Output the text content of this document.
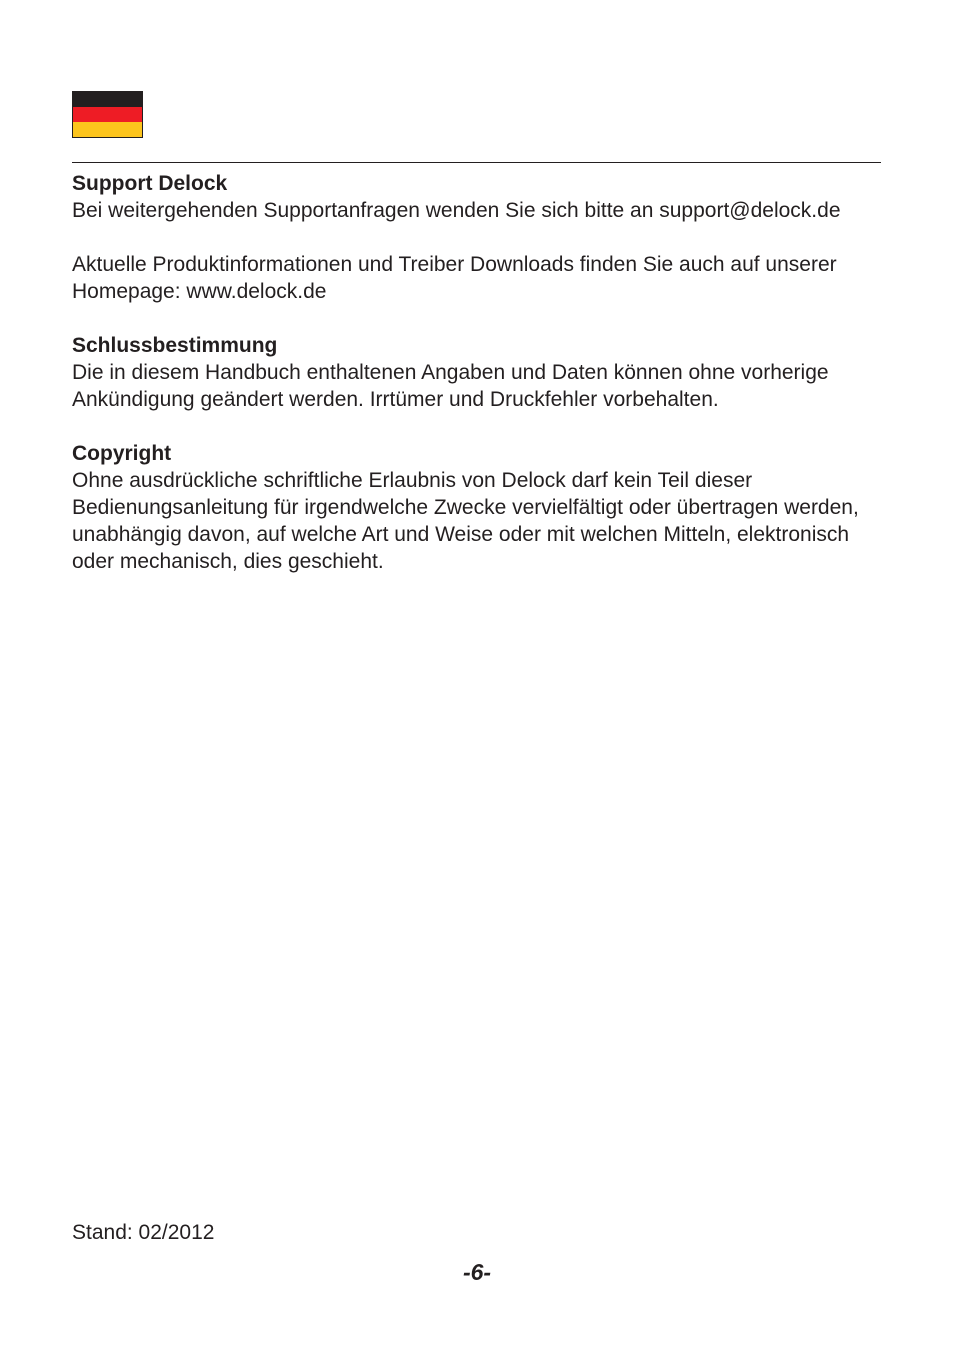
Support Delock

Bei weitergehenden Supportanfragen wenden Sie sich bitte an support@delock.de

Aktuelle Produktinformationen und Treiber Downloads finden Sie auch auf unserer Homepage: www.delock.de

Schlussbestimmung

Die in diesem Handbuch enthaltenen Angaben und Daten können ohne vorherige Ankündigung geändert werden. Irrtümer und Druckfehler vorbehalten.

Copyright

Ohne ausdrückliche schriftliche Erlaubnis von Delock darf kein Teil dieser Bedienungsanleitung für irgendwelche Zwecke vervielfältigt oder übertragen werden, unabhängig davon, auf welche Art und Weise oder mit welchen Mitteln, elektronisch oder mechanisch, dies geschieht.

Stand: 02/2012
-6-
